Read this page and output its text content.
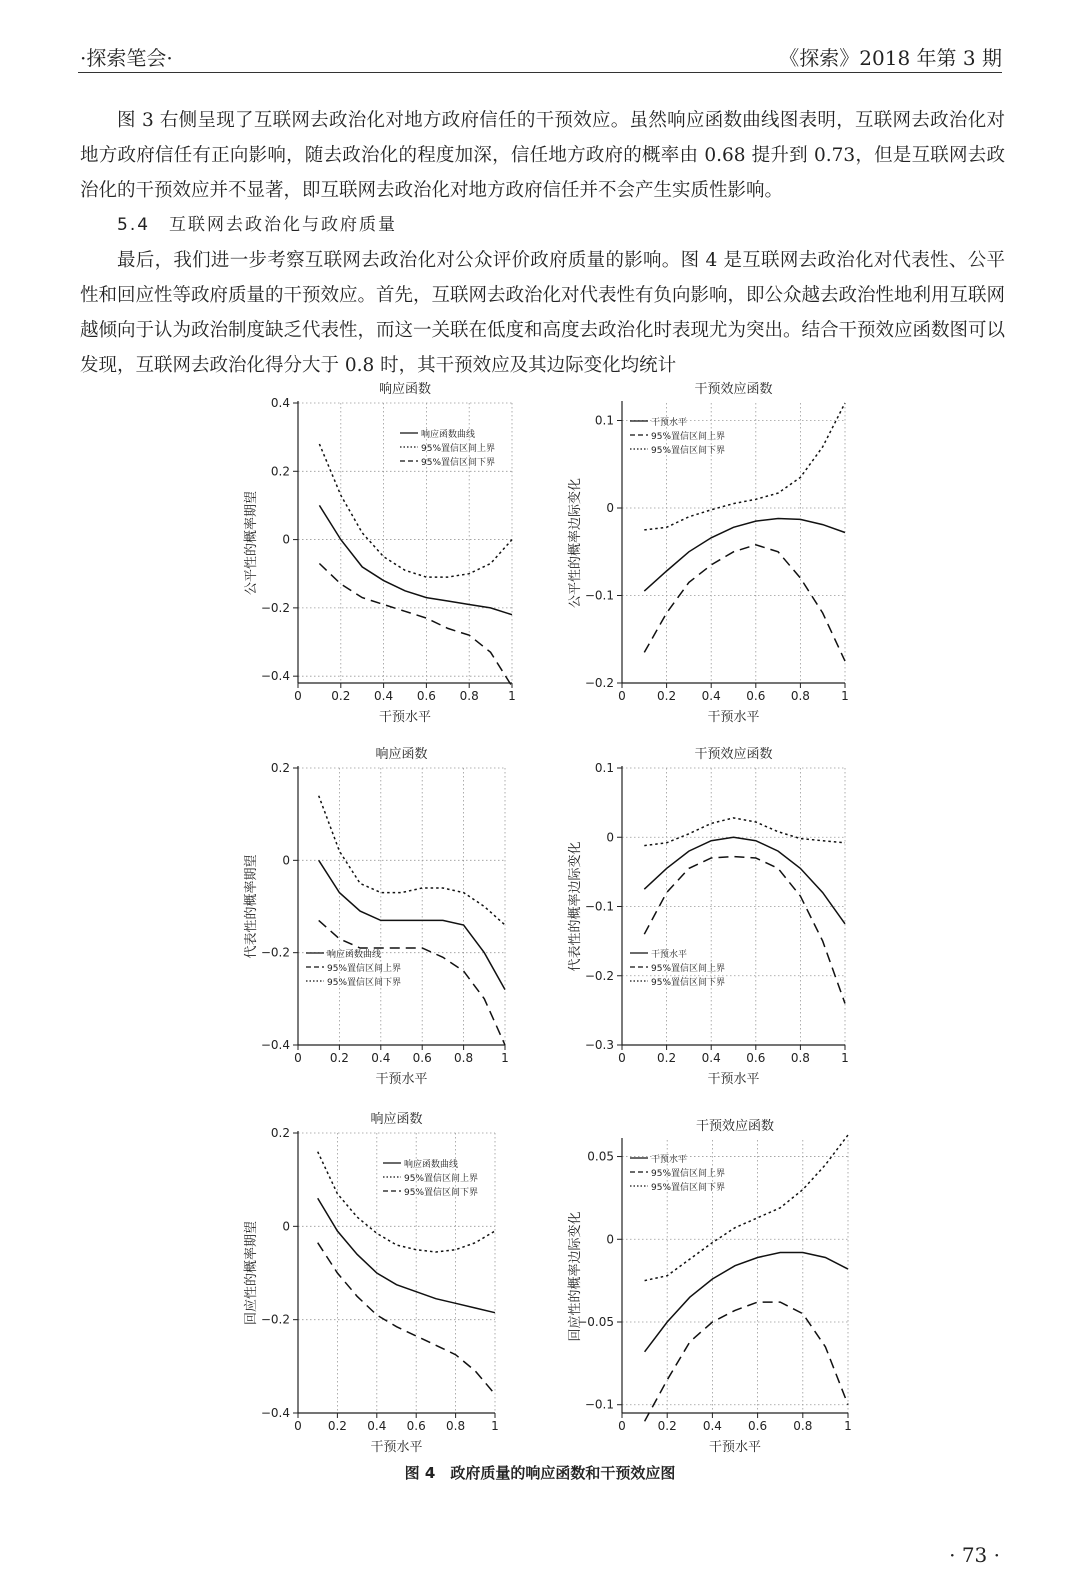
·探索笔会·	《探索》2018 年第 3 期

图 3 右侧呈现了互联网去政治化对地方政府信任的干预效应。虽然响应函数曲线图表明，互联网去政治化对地方政府信任有正向影响，随去政治化的程度加深，信任地方政府的概率由 0.68 提升到 0.73，但是互联网去政治化的干预效应并不显著，即互联网去政治化对地方政府信任并不会产生实质性影响。

5.4　互联网去政治化与政府质量

最后，我们进一步考察互联网去政治化对公众评价政府质量的影响。图 4 是互联网去政治化对代表性、公平性和回应性等政府质量的干预效应。首先，互联网去政治化对代表性有负向影响，即公众越去政治性地利用互联网越倾向于认为政治制度缺乏代表性，而这一关联在低度和高度去政治化时表现尤为突出。结合干预效应函数图可以发现，互联网去政治化得分大于 0.8 时，其干预效应及其边际变化均统计

0 0.2 0.4 0.6 0.8 1
0.4
0.2
0
−0.2
−0.4
响应函数
干预水平
公平性的概率期望
响应函数曲线
95%置信区间上界
95%置信区间下界
0	0.2 0.4 0.6 0.8	1
0.1
0
−0.1
−0.2
干预效应函数
干预水平
公平性的概率边际变化
干预水平
95%置信区间上界
95%置信区间下界
0 0.2 0.4 0.6 0.8 1
0.2
0
−0.2
−0.4
响应函数
干预水平
代表性的概率期望	响应函数曲线
95%置信区间上界
95%置信区间下界
0	0.2 0.4 0.6 0.8	1
0.1
0
−0.1
−0.2
−0.3
干预效应函数
干预水平
代表性的概率边际变化	干预水平
95%置信区间上界
95%置信区间下界
0 0.2 0.4 0.6 0.8 1
0.2
0
−0.2
−0.4
响应函数
干预水平
回应性的概率期望
响应函数曲线
95%置信区间上界
95%置信区间下界
0	0.2 0.4 0.6 0.8	1
0.05
0
−0.05
−0.1
干预效应函数
干预水平
回应性的概率边际变化
干预水平
95%置信区间上界
95%置信区间下界
图 4　政府质量的响应函数和干预效应图
· 73 ·
